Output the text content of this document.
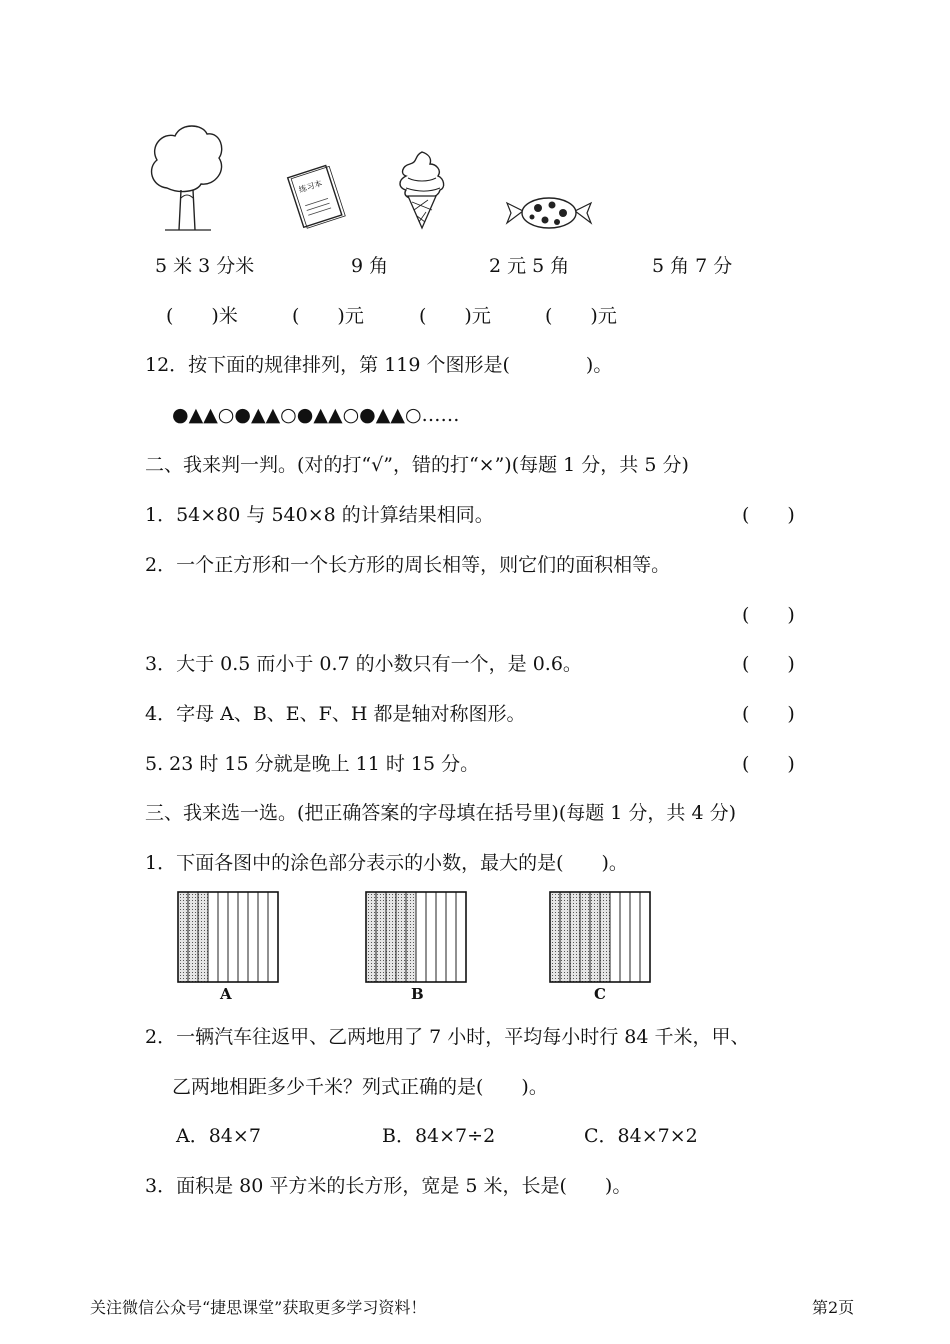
练习本
5 米 3 分米	9 角	2 元 5 角	5 角 7 分
(　　)米	(　　)元	(　　)元	(　　)元
12．按下面的规律排列，第 119 个图形是(　　　　)。
●▲▲○●▲▲○●▲▲○●▲▲○……
二、我来判一判。(对的打“√”，错的打“×”)(每题 1 分，共 5 分)
1．54×80 与 540×8 的计算结果相同。	(　　)
2．一个正方形和一个长方形的周长相等，则它们的面积相等。
(　　)
3．大于 0.5 而小于 0.7 的小数只有一个，是 0.6。	(　　)
4．字母 A、B、E、F、H 都是轴对称图形。	(　　)
5. 23 时 15 分就是晚上 11 时 15 分。	(　　)
三、我来选一选。(把正确答案的字母填在括号里)(每题 1 分，共 4 分)
1．下面各图中的涂色部分表示的小数，最大的是(　　)。
A	B	C
2．一辆汽车往返甲、乙两地用了 7 小时，平均每小时行 84 千米，甲、
乙两地相距多少千米？列式正确的是(　　)。
A．84×7	B．84×7÷2	C．84×7×2
3．面积是 80 平方米的长方形，宽是 5 米，长是(　　)。
关注微信公众号“捷思课堂”获取更多学习资料！	第2页
